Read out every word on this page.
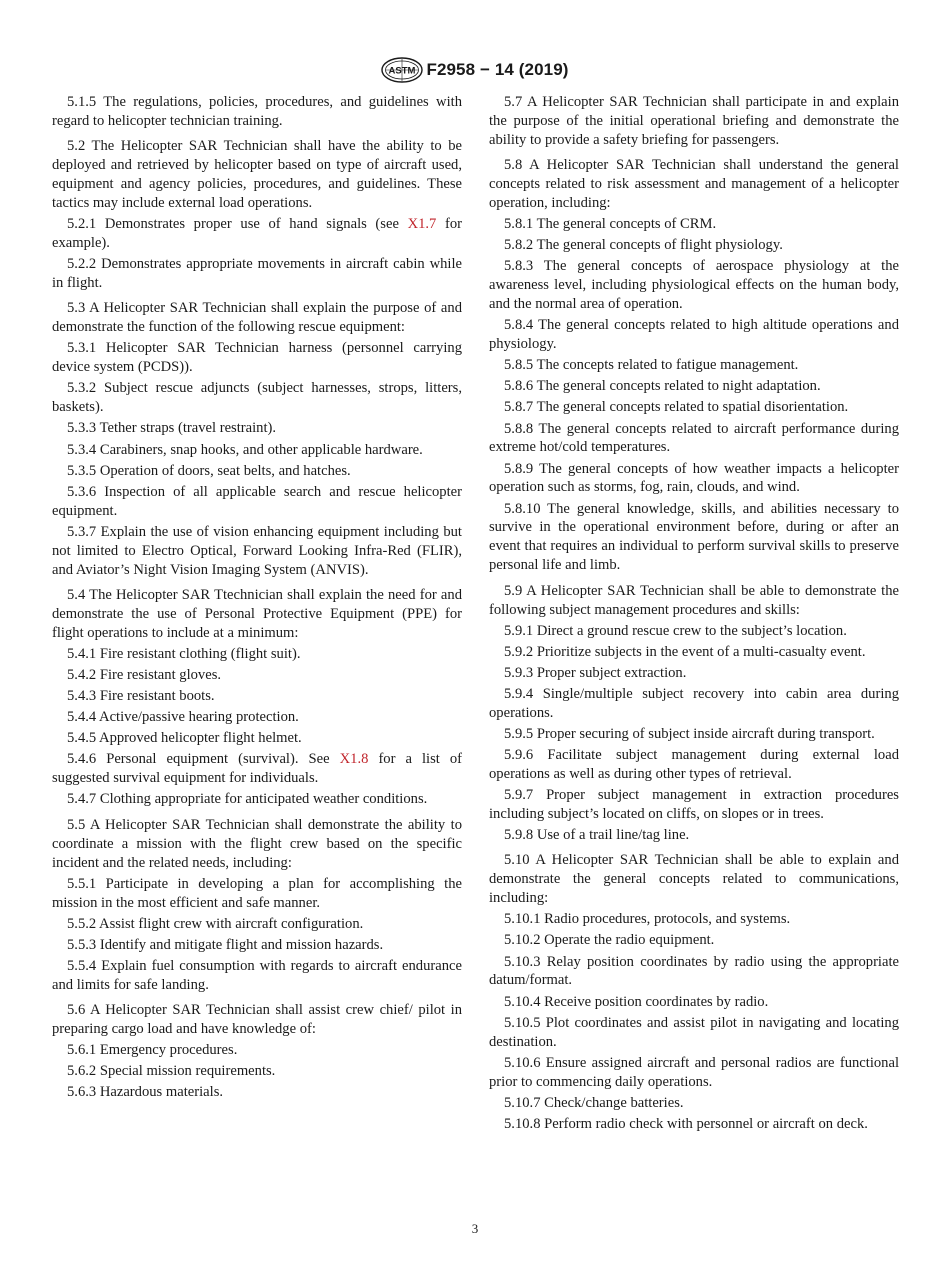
ASTM F2958 − 14 (2019)

5.1.5 The regulations, policies, procedures, and guidelines with regard to helicopter technician training.

5.2 The Helicopter SAR Technician shall have the ability to be deployed and retrieved by helicopter based on type of aircraft used, equipment and agency policies, procedures, and guidelines. These tactics may include external load operations.

5.2.1 Demonstrates proper use of hand signals (see X1.7 for example).

5.2.2 Demonstrates appropriate movements in aircraft cabin while in flight.

5.3 A Helicopter SAR Technician shall explain the purpose of and demonstrate the function of the following rescue equipment:

5.3.1 Helicopter SAR Technician harness (personnel carrying device system (PCDS)).

5.3.2 Subject rescue adjuncts (subject harnesses, strops, litters, baskets).

5.3.3 Tether straps (travel restraint).

5.3.4 Carabiners, snap hooks, and other applicable hardware.

5.3.5 Operation of doors, seat belts, and hatches.

5.3.6 Inspection of all applicable search and rescue helicopter equipment.

5.3.7 Explain the use of vision enhancing equipment including but not limited to Electro Optical, Forward Looking Infra-Red (FLIR), and Aviator’s Night Vision Imaging System (ANVIS).

5.4 The Helicopter SAR Ttechnician shall explain the need for and demonstrate the use of Personal Protective Equipment (PPE) for flight operations to include at a minimum:

5.4.1 Fire resistant clothing (flight suit).

5.4.2 Fire resistant gloves.

5.4.3 Fire resistant boots.

5.4.4 Active/passive hearing protection.

5.4.5 Approved helicopter flight helmet.

5.4.6 Personal equipment (survival). See X1.8 for a list of suggested survival equipment for individuals.

5.4.7 Clothing appropriate for anticipated weather conditions.

5.5 A Helicopter SAR Technician shall demonstrate the ability to coordinate a mission with the flight crew based on the specific incident and the related needs, including:

5.5.1 Participate in developing a plan for accomplishing the mission in the most efficient and safe manner.

5.5.2 Assist flight crew with aircraft configuration.

5.5.3 Identify and mitigate flight and mission hazards.

5.5.4 Explain fuel consumption with regards to aircraft endurance and limits for safe landing.

5.6 A Helicopter SAR Technician shall assist crew chief/ pilot in preparing cargo load and have knowledge of:

5.6.1 Emergency procedures.

5.6.2 Special mission requirements.

5.6.3 Hazardous materials.

5.7 A Helicopter SAR Technician shall participate in and explain the purpose of the initial operational briefing and demonstrate the ability to provide a safety briefing for passengers.

5.8 A Helicopter SAR Technician shall understand the general concepts related to risk assessment and management of a helicopter operation, including:

5.8.1 The general concepts of CRM.

5.8.2 The general concepts of flight physiology.

5.8.3 The general concepts of aerospace physiology at the awareness level, including physiological effects on the human body, and the normal area of operation.

5.8.4 The general concepts related to high altitude operations and physiology.

5.8.5 The concepts related to fatigue management.

5.8.6 The general concepts related to night adaptation.

5.8.7 The general concepts related to spatial disorientation.

5.8.8 The general concepts related to aircraft performance during extreme hot/cold temperatures.

5.8.9 The general concepts of how weather impacts a helicopter operation such as storms, fog, rain, clouds, and wind.

5.8.10 The general knowledge, skills, and abilities necessary to survive in the operational environment before, during or after an event that requires an individual to perform survival skills to preserve personal life and limb.

5.9 A Helicopter SAR Technician shall be able to demonstrate the following subject management procedures and skills:

5.9.1 Direct a ground rescue crew to the subject’s location.

5.9.2 Prioritize subjects in the event of a multi-casualty event.

5.9.3 Proper subject extraction.

5.9.4 Single/multiple subject recovery into cabin area during operations.

5.9.5 Proper securing of subject inside aircraft during transport.

5.9.6 Facilitate subject management during external load operations as well as during other types of retrieval.

5.9.7 Proper subject management in extraction procedures including subject’s located on cliffs, on slopes or in trees.

5.9.8 Use of a trail line/tag line.

5.10 A Helicopter SAR Technician shall be able to explain and demonstrate the general concepts related to communications, including:

5.10.1 Radio procedures, protocols, and systems.

5.10.2 Operate the radio equipment.

5.10.3 Relay position coordinates by radio using the appropriate datum/format.

5.10.4 Receive position coordinates by radio.

5.10.5 Plot coordinates and assist pilot in navigating and locating destination.

5.10.6 Ensure assigned aircraft and personal radios are functional prior to commencing daily operations.

5.10.7 Check/change batteries.

5.10.8 Perform radio check with personnel or aircraft on deck.

3
